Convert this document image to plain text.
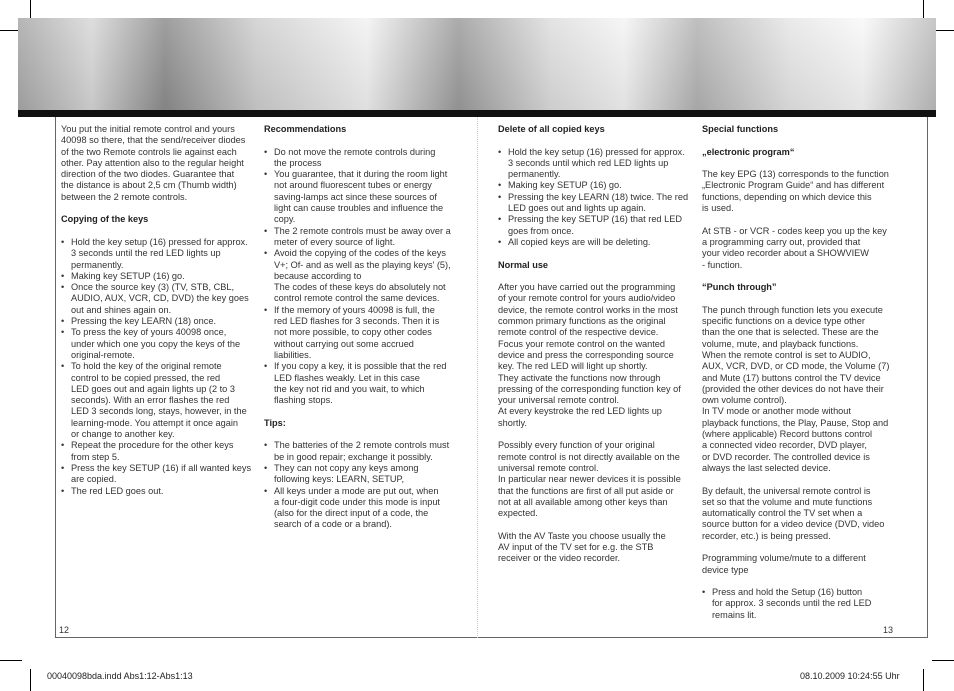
You put the initial remote control and yours
40098 so there, that the send/receiver diodes
of the two Remote controls lie against each
other. Pay attention also to the regular height
direction of the two diodes. Guarantee that
the distance is about 2,5 cm (Thumb width)
between the 2 remote controls.

Copying of the keys
• Hold the key setup (16) pressed for approx.
3 seconds until the red LED lights up
permanently.
• Making key SETUP (16) go.
• Once the source key (3) (TV, STB, CBL,
AUDIO, AUX, VCR, CD, DVD) the key goes
out and shines again on.
• Pressing the key LEARN (18) once.
• To press the key of yours 40098 once,
under which one you copy the keys of the
original-remote.
• To hold the key of the original remote
control to be copied pressed, the red
LED goes out and again lights up (2 to 3
seconds). With an error flashes the red
LED 3 seconds long, stays, however, in the
learning-mode. You attempt it once again
or change to another key.
• Repeat the procedure for the other keys
from step 5.
• Press the key SETUP (16) if all wanted keys
are copied.
• The red LED goes out.
Recommendations
• Do not move the remote controls during
the process
• You guarantee, that it during the room light
not around fluorescent tubes or energy
saving-lamps act since these sources of
light can cause troubles and influence the
copy.
• The 2 remote controls must be away over a
meter of every source of light.
• Avoid the copying of the codes of the keys
V+; Of- and as well as the playing keys' (5),
because according to
The codes of these keys do absolutely not
control remote control the same devices.
• If the memory of yours 40098 is full, the
red LED flashes for 3 seconds. Then it is
not more possible, to copy other codes
without carrying out some accrued
liabilities.
• If you copy a key, it is possible that the red
LED flashes weakly. Let in this case
the key not rid and you wait, to which
flashing stops.
Tips:
• The batteries of the 2 remote controls must
be in good repair; exchange it possibly.
• They can not copy any keys among
following keys: LEARN, SETUP,
• All keys under a mode are put out, when
a four-digit code under this mode is input
(also for the direct input of a code, the
search of a code or a brand).
Delete of all copied keys
• Hold the key setup (16) pressed for approx.
3 seconds until which red LED lights up
permanently.
• Making key SETUP (16) go.
• Pressing the key LEARN (18) twice. The red
LED goes out and lights up again.
• Pressing the key SETUP (16) that red LED
goes from once.
• All copied keys are will be deleting.
Normal use

After you have carried out the programming
of your remote control for yours audio/video
device, the remote control works in the most
common primary functions as the original
remote control of the respective device.
Focus your remote control on the wanted
device and press the corresponding source
key. The red LED will light up shortly.
They activate the functions now through
pressing of the corresponding function key of
your universal remote control.
At every keystroke the red LED lights up
shortly.

Possibly every function of your original
remote control is not directly available on the
universal remote control.
In particular near newer devices it is possible
that the functions are first of all put aside or
not at all available among other keys than
expected.

With the AV Taste you choose usually the
AV input of the TV set for e.g. the STB
receiver or the video recorder.

Special functions
„electronic program“

The key EPG (13) corresponds to the function
„Electronic Program Guide“ and has different
functions, depending on which device this
is used.

At STB - or VCR - codes keep you up the key
a programming carry out, provided that
your video recorder about a SHOWVIEW
- function.

“Punch through”

The punch through function lets you execute
specific functions on a device type other
than the one that is selected. These are the
volume, mute, and playback functions.
When the remote control is set to AUDIO,
AUX, VCR, DVD, or CD mode, the Volume (7)
and Mute (17) buttons control the TV device
(provided the other devices do not have their
own volume control).
In TV mode or another mode without
playback functions, the Play, Pause, Stop and
(where applicable) Record buttons control
a connected video recorder, DVD player,
or DVD recorder. The controlled device is
always the last selected device.

By default, the universal remote control is
set so that the volume and mute functions
automatically control the TV set when a
source button for a video device (DVD, video
recorder, etc.) is being pressed.

Programming volume/mute to a different
device type

• Press and hold the Setup (16) button
for approx. 3 seconds until the red LED
remains lit.
12	13
00040098bda.indd Abs1:12-Abs1:13	08.10.2009 10:24:55 Uhr
